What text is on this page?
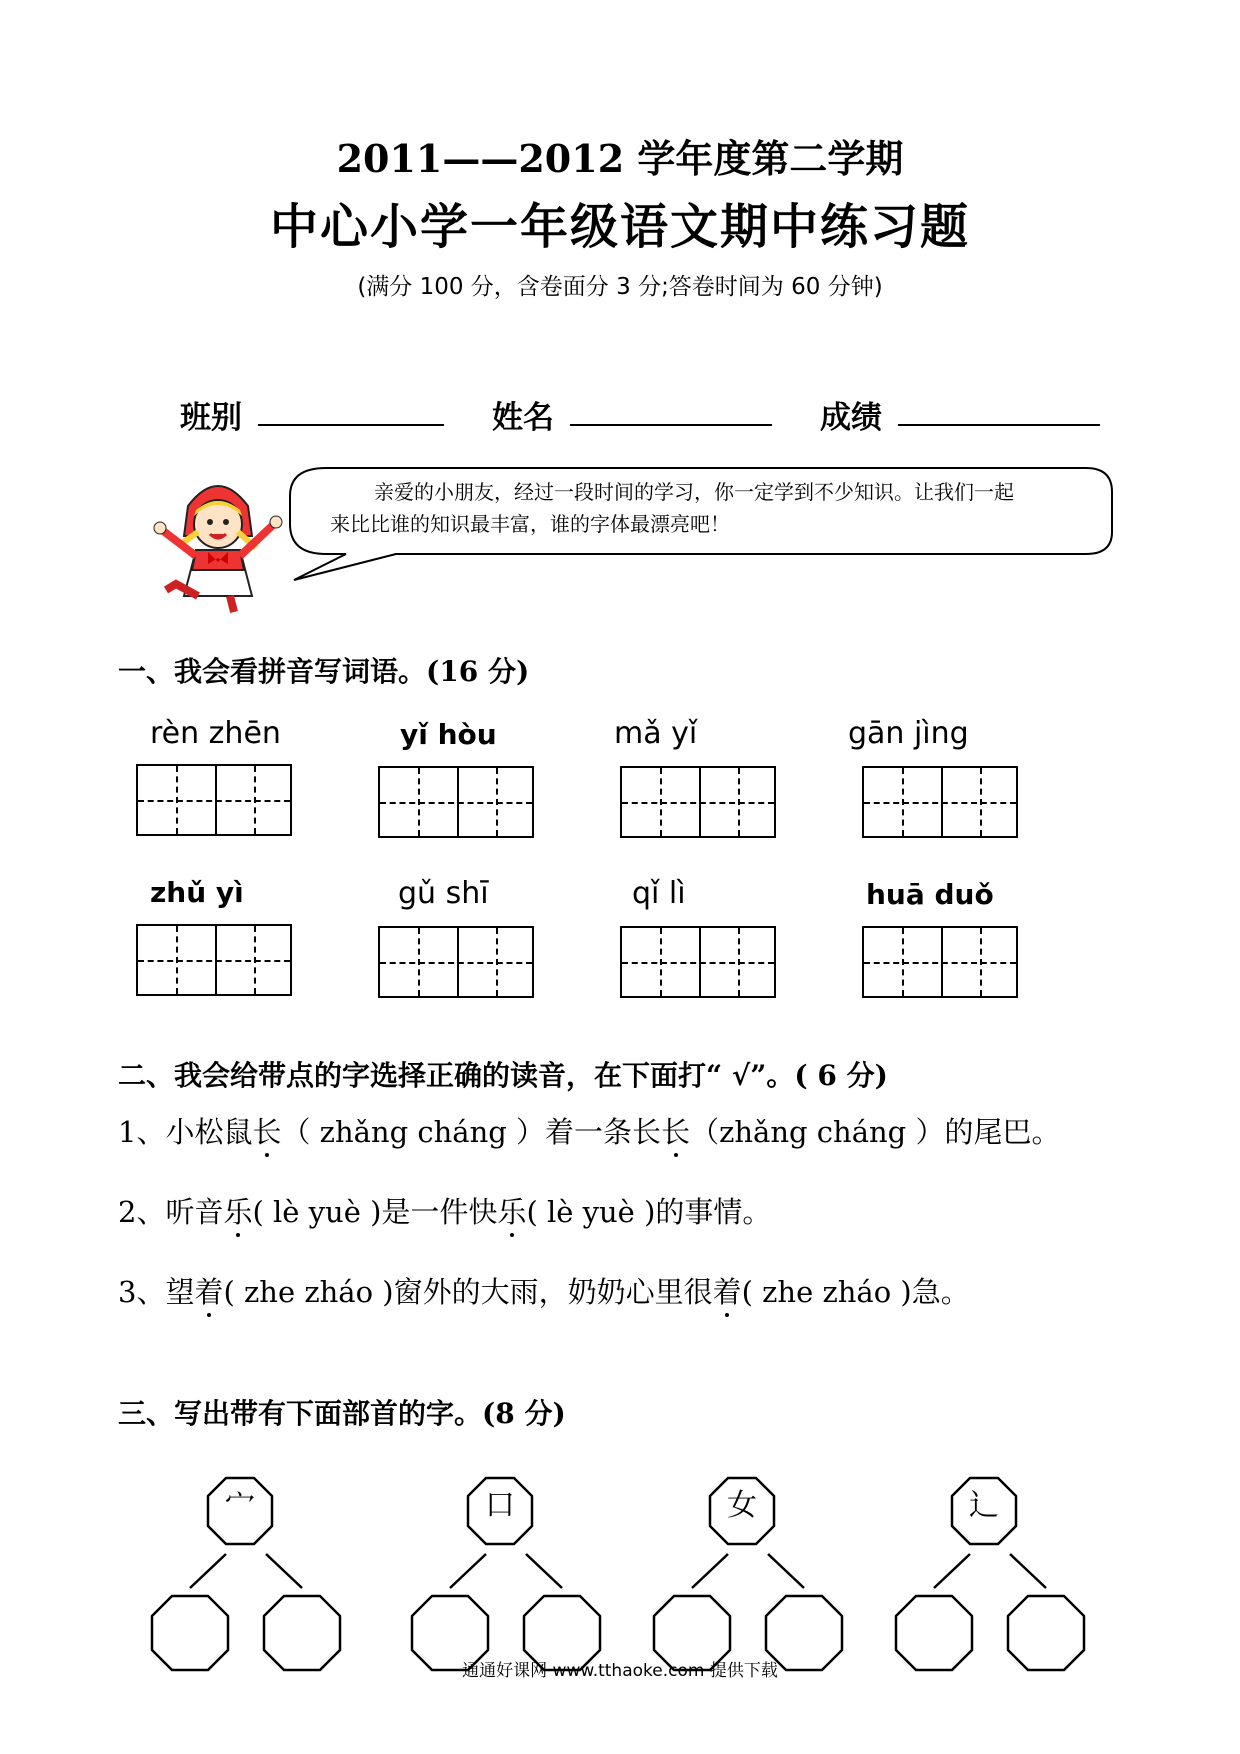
2011——2012 学年度第二学期
中心小学一年级语文期中练习题
(满分 100 分，含卷面分 3 分;答卷时间为 60 分钟)
班别	姓名	成绩
亲爱的小朋友，经过一段时间的学习，你一定学到不少知识。让我们一起
来比比谁的知识最丰富，谁的字体最漂亮吧！
一、我会看拼音写词语。(16 分)
rèn zhēn	yǐ hòu	mǎ yǐ	gān jìng
zhǔ yì	gǔ shī	qǐ lì	huā duǒ
二、我会给带点的字选择正确的读音，在下面打“ √”。( 6 分)
1、小松鼠长（ zhǎng cháng ）着一条长长（zhǎng cháng ）的尾巴。
2、听音乐( lè yuè )是一件快乐( lè yuè )的事情。
3、望着( zhe zháo )窗外的大雨，奶奶心里很着( zhe zháo )急。
三、写出带有下面部首的字。(8 分)
宀	口	女	辶
通通好课网 www.tthaoke.com 提供下载
